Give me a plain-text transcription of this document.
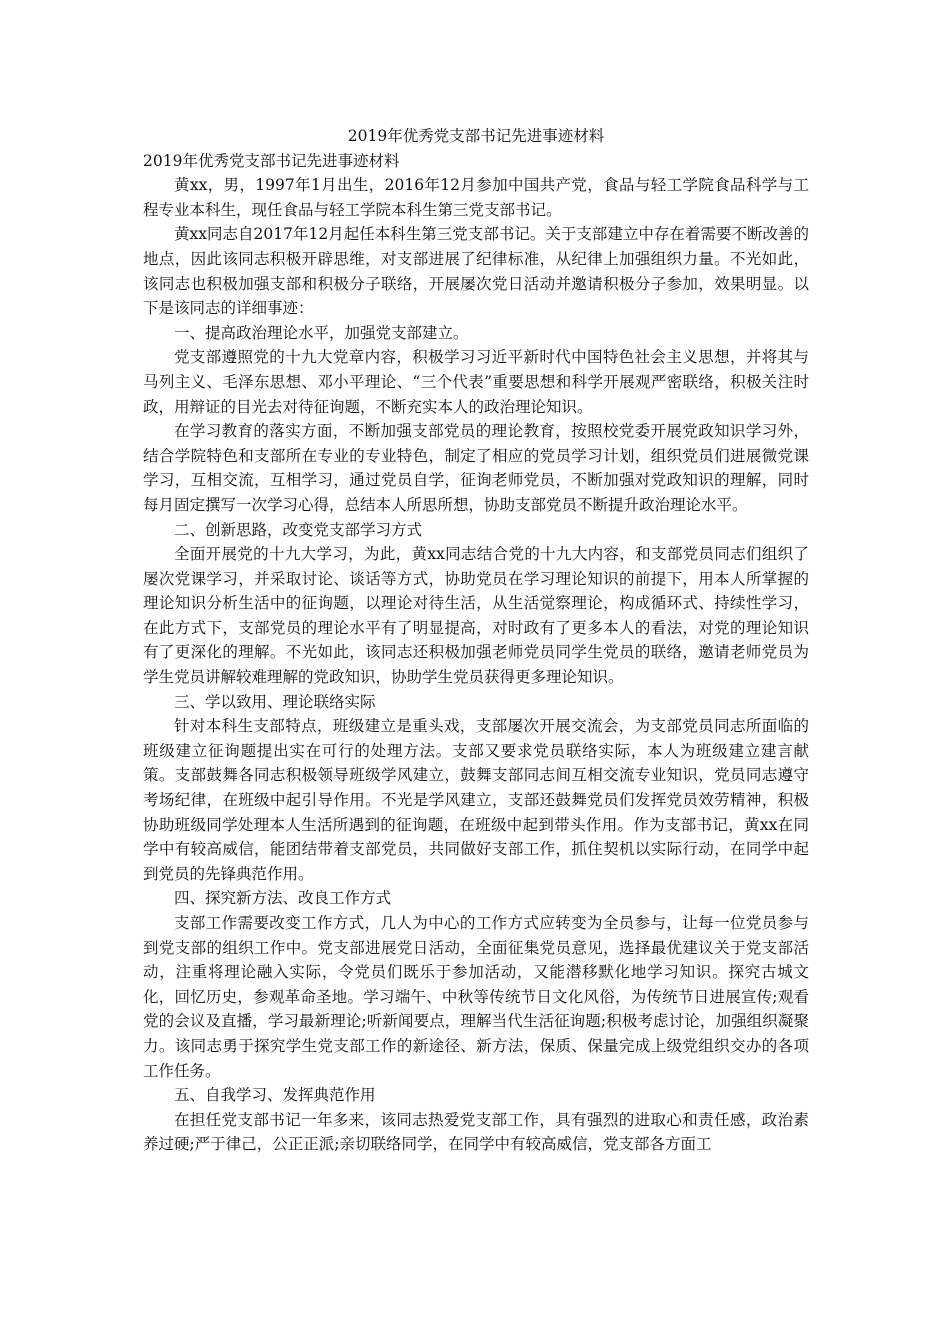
2019年优秀党支部书记先进事迹材料

2019年优秀党支部书记先进事迹材料

黄xx，男，1997年1月出生，2016年12月参加中国共产党，食品与轻工学院食品科学与工程专业本科生，现任食品与轻工学院本科生第三党支部书记。

黄xx同志自2017年12月起任本科生第三党支部书记。关于支部建立中存在着需要不断改善的地点，因此该同志积极开辟思维，对支部进展了纪律标准，从纪律上加强组织力量。不光如此，该同志也积极加强支部和积极分子联络，开展屡次党日活动并邀请积极分子参加，效果明显。以下是该同志的详细事迹：

一、提高政治理论水平，加强党支部建立。

党支部遵照党的十九大党章内容，积极学习习近平新时代中国特色社会主义思想，并将其与马列主义、毛泽东思想、邓小平理论、“三个代表”重要思想和科学开展观严密联络，积极关注时政，用辩证的目光去对待征询题，不断充实本人的政治理论知识。

在学习教育的落实方面，不断加强支部党员的理论教育，按照校党委开展党政知识学习外，结合学院特色和支部所在专业的专业特色，制定了相应的党员学习计划，组织党员们进展微党课学习，互相交流，互相学习，通过党员自学，征询老师党员，不断加强对党政知识的理解，同时每月固定撰写一次学习心得，总结本人所思所想，协助支部党员不断提升政治理论水平。

二、创新思路，改变党支部学习方式

全面开展党的十九大学习，为此，黄xx同志结合党的十九大内容，和支部党员同志们组织了屡次党课学习，并采取讨论、谈话等方式，协助党员在学习理论知识的前提下，用本人所掌握的理论知识分析生活中的征询题，以理论对待生活，从生活觉察理论，构成循环式、持续性学习，在此方式下，支部党员的理论水平有了明显提高，对时政有了更多本人的看法，对党的理论知识有了更深化的理解。不光如此，该同志还积极加强老师党员同学生党员的联络，邀请老师党员为学生党员讲解较难理解的党政知识，协助学生党员获得更多理论知识。

三、学以致用、理论联络实际

针对本科生支部特点，班级建立是重头戏，支部屡次开展交流会，为支部党员同志所面临的班级建立征询题提出实在可行的处理方法。支部又要求党员联络实际，本人为班级建立建言献策。支部鼓舞各同志积极领导班级学风建立，鼓舞支部同志间互相交流专业知识，党员同志遵守考场纪律，在班级中起引导作用。不光是学风建立，支部还鼓舞党员们发挥党员效劳精神，积极协助班级同学处理本人生活所遇到的征询题，在班级中起到带头作用。作为支部书记，黄xx在同学中有较高威信，能团结带着支部党员，共同做好支部工作，抓住契机以实际行动，在同学中起到党员的先锋典范作用。

四、探究新方法、改良工作方式

支部工作需要改变工作方式，几人为中心的工作方式应转变为全员参与，让每一位党员参与到党支部的组织工作中。党支部进展党日活动，全面征集党员意见，选择最优建议关于党支部活动，注重将理论融入实际，令党员们既乐于参加活动，又能潜移默化地学习知识。探究古城文化，回忆历史，参观革命圣地。学习端午、中秋等传统节日文化风俗，为传统节日进展宣传;观看党的会议及直播，学习最新理论;听新闻要点，理解当代生活征询题;积极考虑讨论，加强组织凝聚力。该同志勇于探究学生党支部工作的新途径、新方法，保质、保量完成上级党组织交办的各项工作任务。

五、自我学习、发挥典范作用

在担任党支部书记一年多来，该同志热爱党支部工作，具有强烈的进取心和责任感，政治素养过硬;严于律己，公正正派;亲切联络同学，在同学中有较高威信，党支部各方面工
